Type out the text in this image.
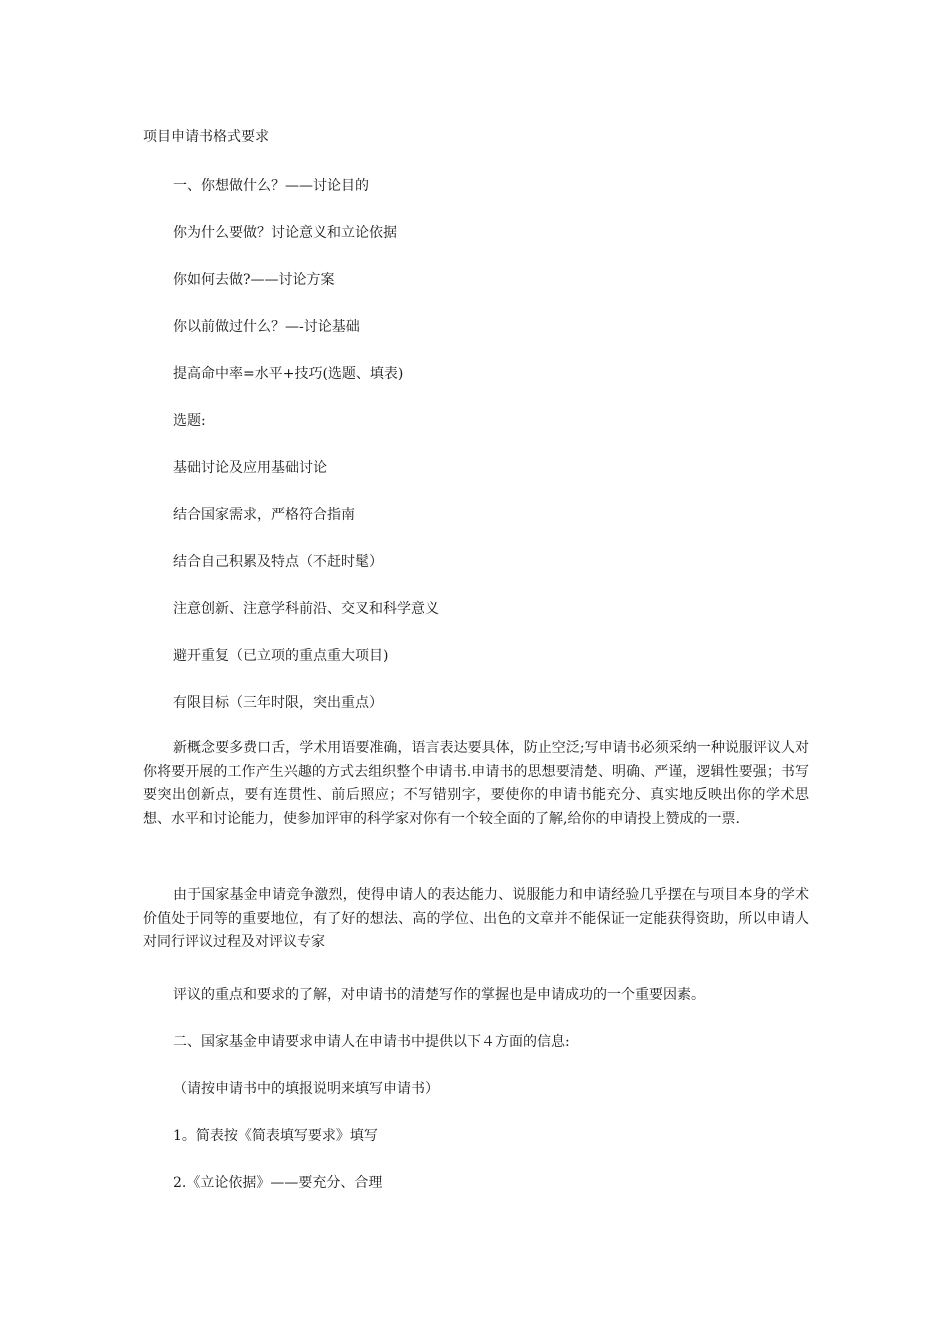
项目申请书格式要求

一、你想做什么？——讨论目的

你为什么要做？讨论意义和立论依据

你如何去做?——讨论方案

你以前做过什么？—-讨论基础

提高命中率=水平+技巧(选题、填表)

选题:

基础讨论及应用基础讨论

结合国家需求，严格符合指南

结合自己积累及特点（不赶时髦）

注意创新、注意学科前沿、交叉和科学意义

避开重复（已立项的重点重大项目)

有限目标（三年时限，突出重点）

新概念要多费口舌，学术用语要准确，语言表达要具体，防止空泛;写申请书必须采纳一种说服评议人对你将要开展的工作产生兴趣的方式去组织整个申请书.申请书的思想要清楚、明确、严谨，逻辑性要强；书写要突出创新点，要有连贯性、前后照应；不写错别字，要使你的申请书能充分、真实地反映出你的学术思想、水平和讨论能力，使参加评审的科学家对你有一个较全面的了解,给你的申请投上赞成的一票.

由于国家基金申请竞争激烈，使得申请人的表达能力、说服能力和申请经验几乎摆在与项目本身的学术价值处于同等的重要地位，有了好的想法、高的学位、出色的文章并不能保证一定能获得资助，所以申请人对同行评议过程及对评议专家

评议的重点和要求的了解，对申请书的清楚写作的掌握也是申请成功的一个重要因素。

二、国家基金申请要求申请人在申请书中提供以下４方面的信息:

（请按申请书中的填报说明来填写申请书）

1。简表按《简表填写要求》填写

2.《立论依据》——要充分、合理
